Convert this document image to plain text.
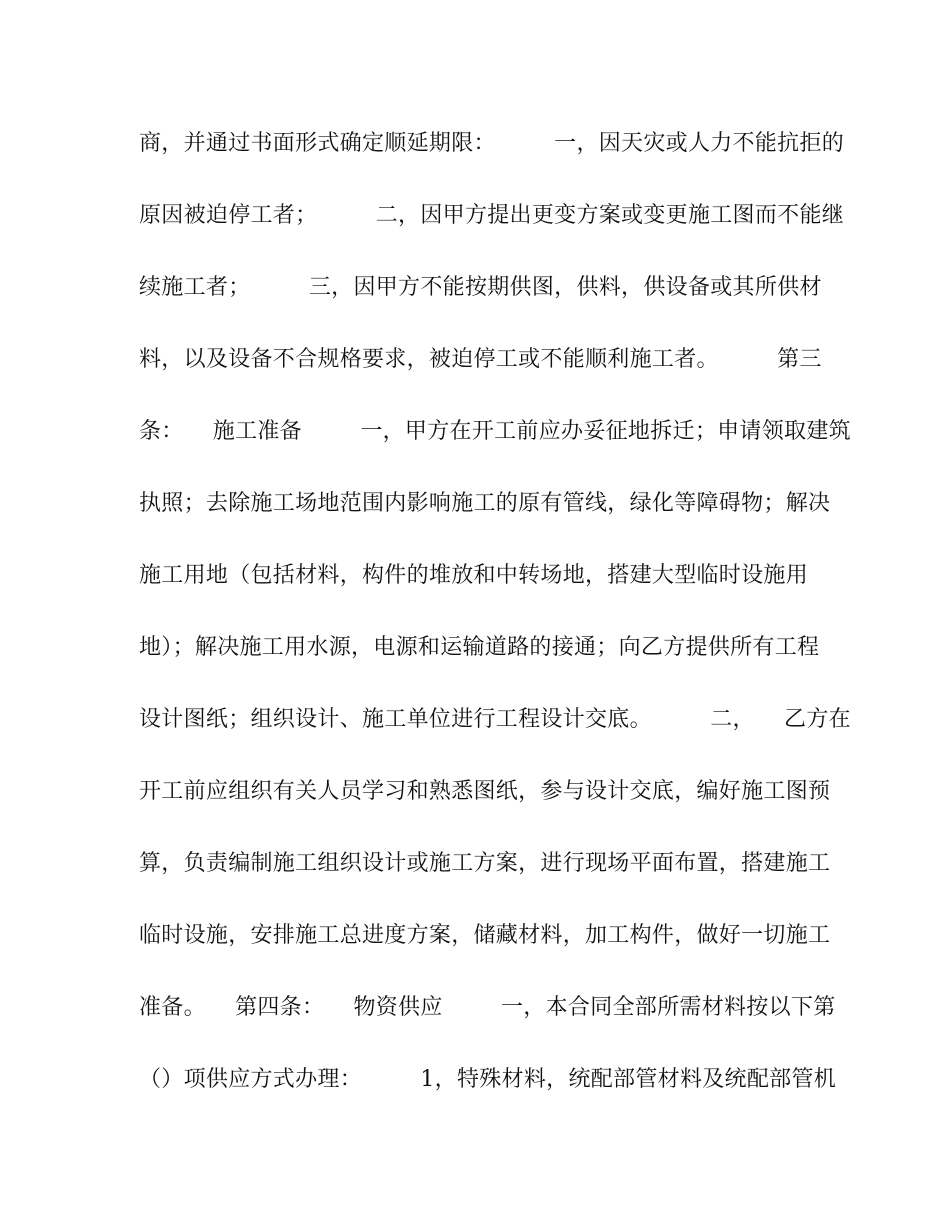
商，并通过书面形式确定顺延期限：        一，因天灾或人力不能抗拒的
原因被迫停工者；        二，因甲方提出更变方案或变更施工图而不能继
续施工者；        三，因甲方不能按期供图，供料，供设备或其所供材
料，以及设备不合规格要求，被迫停工或不能顺利施工者。        第三
条：    施工准备        一，甲方在开工前应办妥征地拆迁；申请领取建筑
执照；去除施工场地范围内影响施工的原有管线，绿化等障碍物；解决
施工用地（包括材料，构件的堆放和中转场地，搭建大型临时设施用
地）；解决施工用水源，电源和运输道路的接通；向乙方提供所有工程
设计图纸；组织设计、施工单位进行工程设计交底。        二，    乙方在
开工前应组织有关人员学习和熟悉图纸，参与设计交底，编好施工图预
算，负责编制施工组织设计或施工方案，进行现场平面布置，搭建施工
临时设施，安排施工总进度方案，储藏材料，加工构件，做好一切施工
准备。    第四条：    物资供应        一，本合同全部所需材料按以下第
（）项供应方式办理：        1，特殊材料，统配部管材料及统配部管机
